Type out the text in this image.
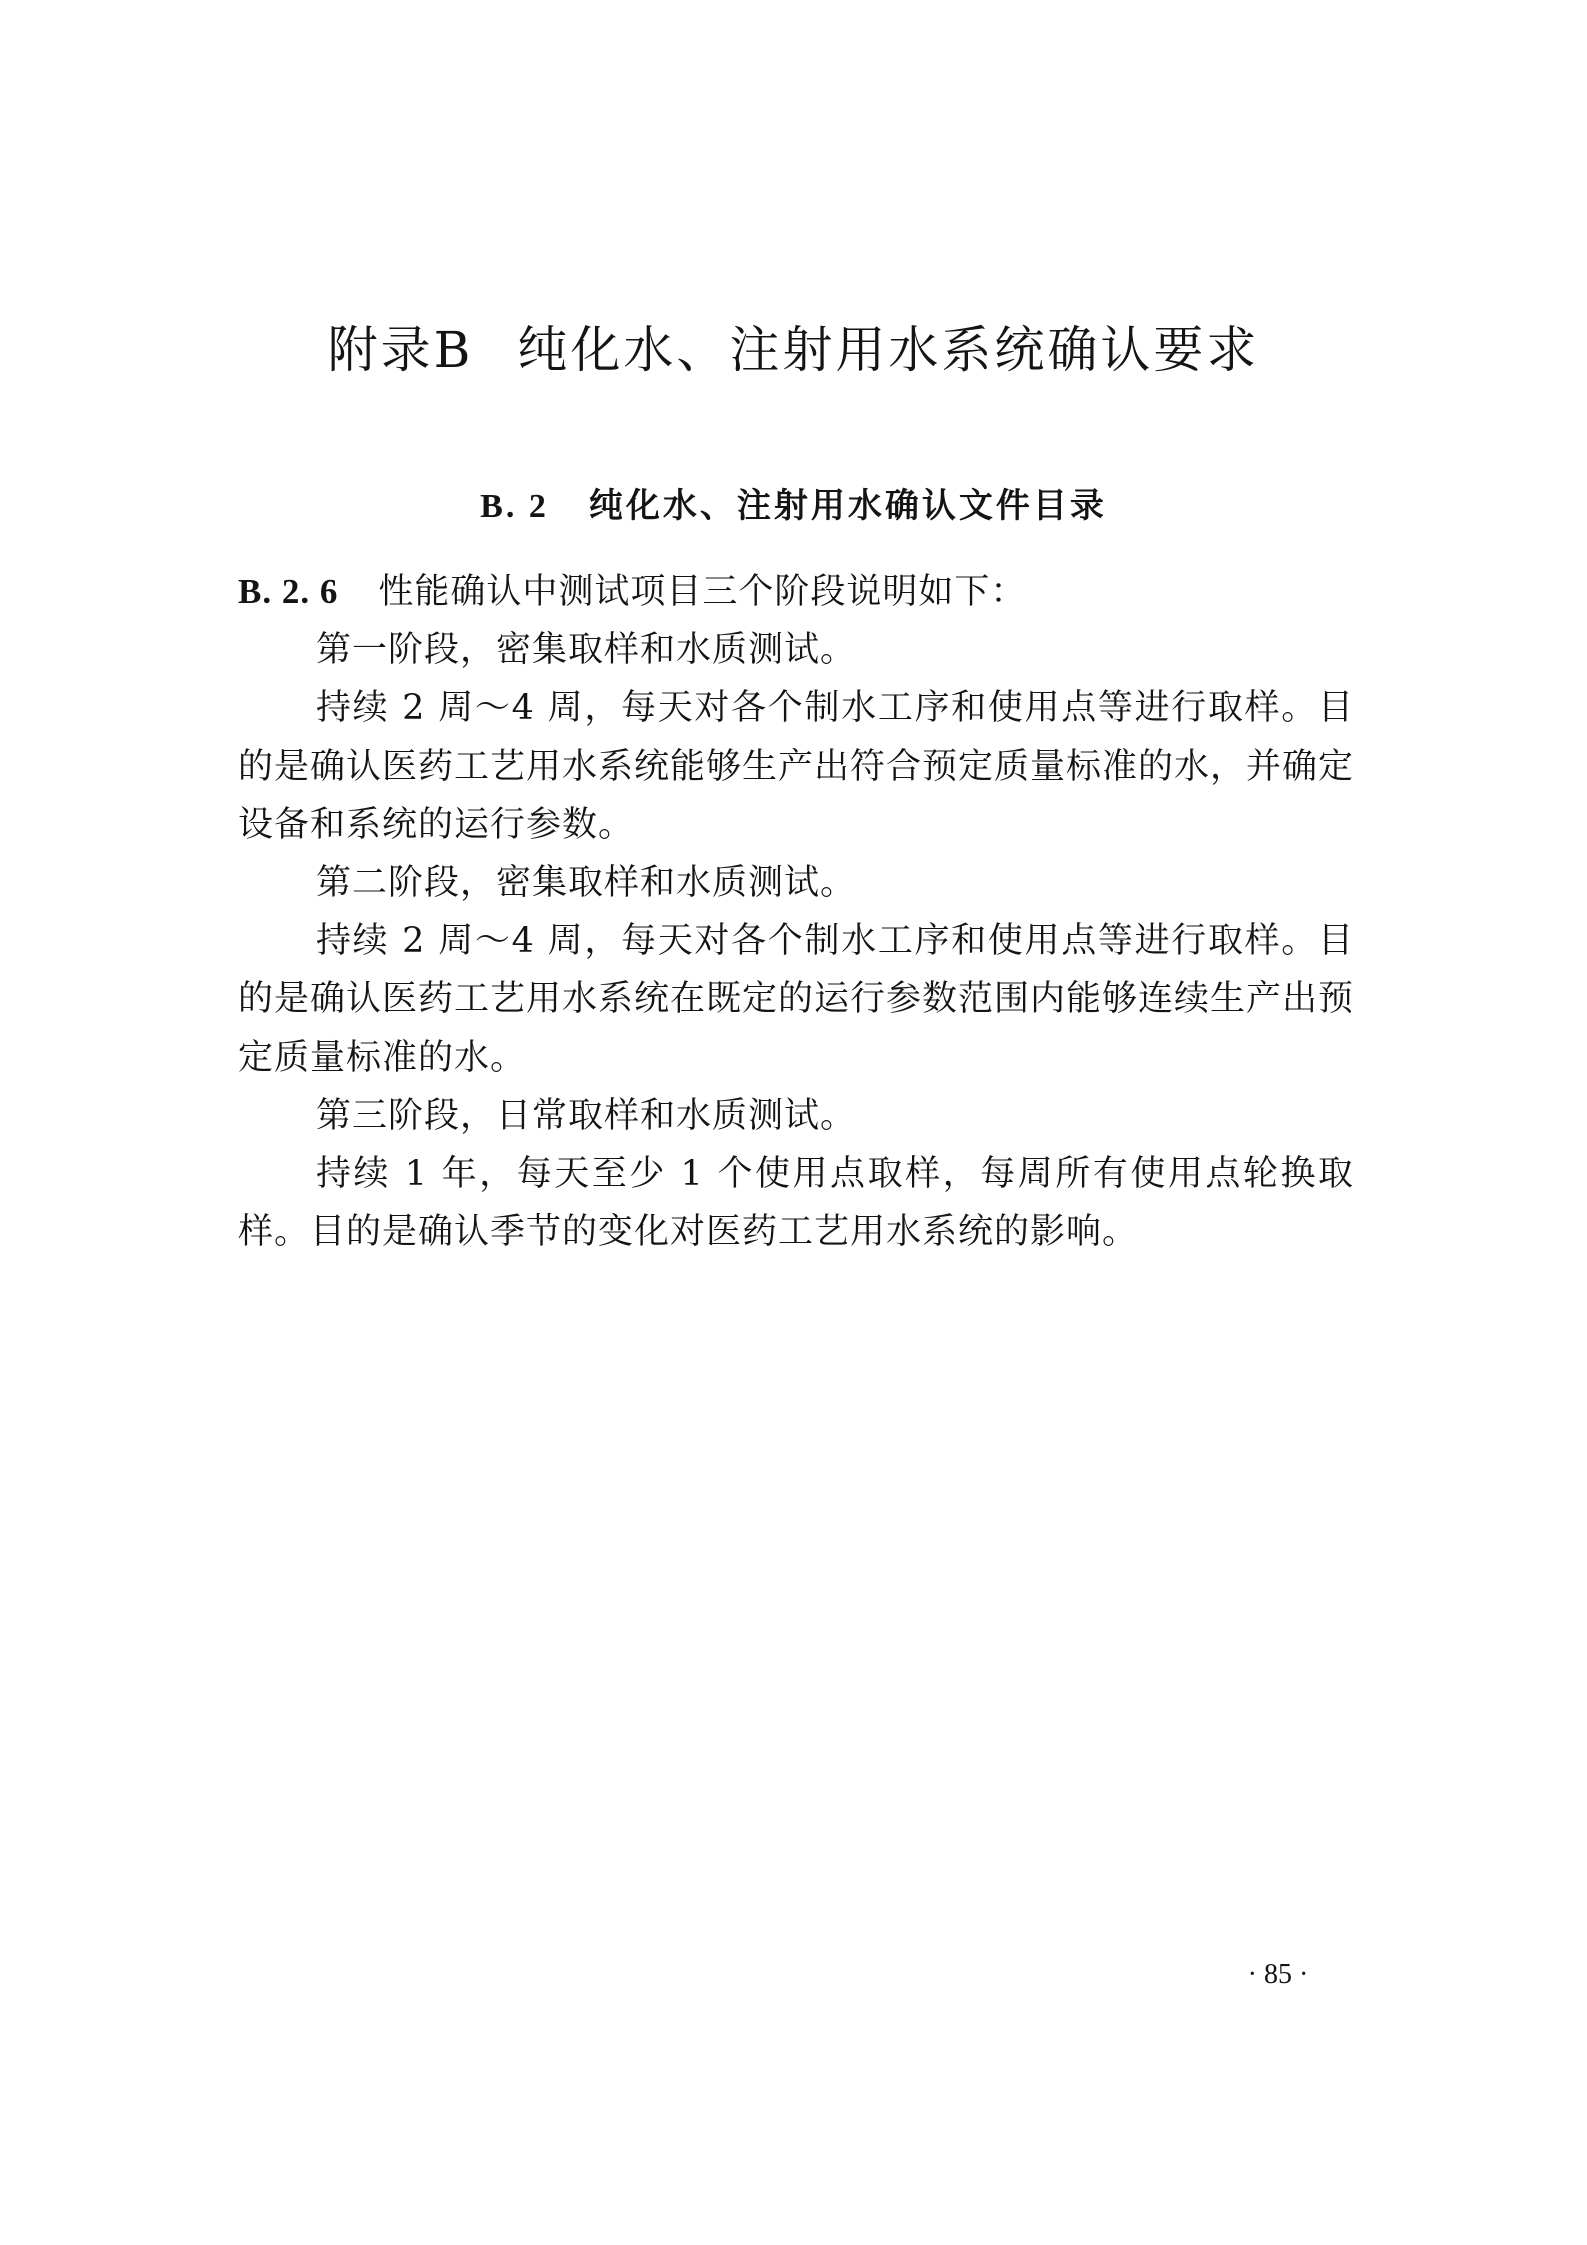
附录B 纯化水、注射用水系统确认要求
B. 2 纯化水、注射用水确认文件目录

B. 2. 6 性能确认中测试项目三个阶段说明如下：

第一阶段，密集取样和水质测试。

持续 2 周～4 周，每天对各个制水工序和使用点等进行取样。目的是确认医药工艺用水系统能够生产出符合预定质量标准的水，并确定设备和系统的运行参数。

第二阶段，密集取样和水质测试。

持续 2 周～4 周，每天对各个制水工序和使用点等进行取样。目的是确认医药工艺用水系统在既定的运行参数范围内能够连续生产出预定质量标准的水。

第三阶段，日常取样和水质测试。

持续 1 年，每天至少 1 个使用点取样，每周所有使用点轮换取样。目的是确认季节的变化对医药工艺用水系统的影响。

· 85 ·
